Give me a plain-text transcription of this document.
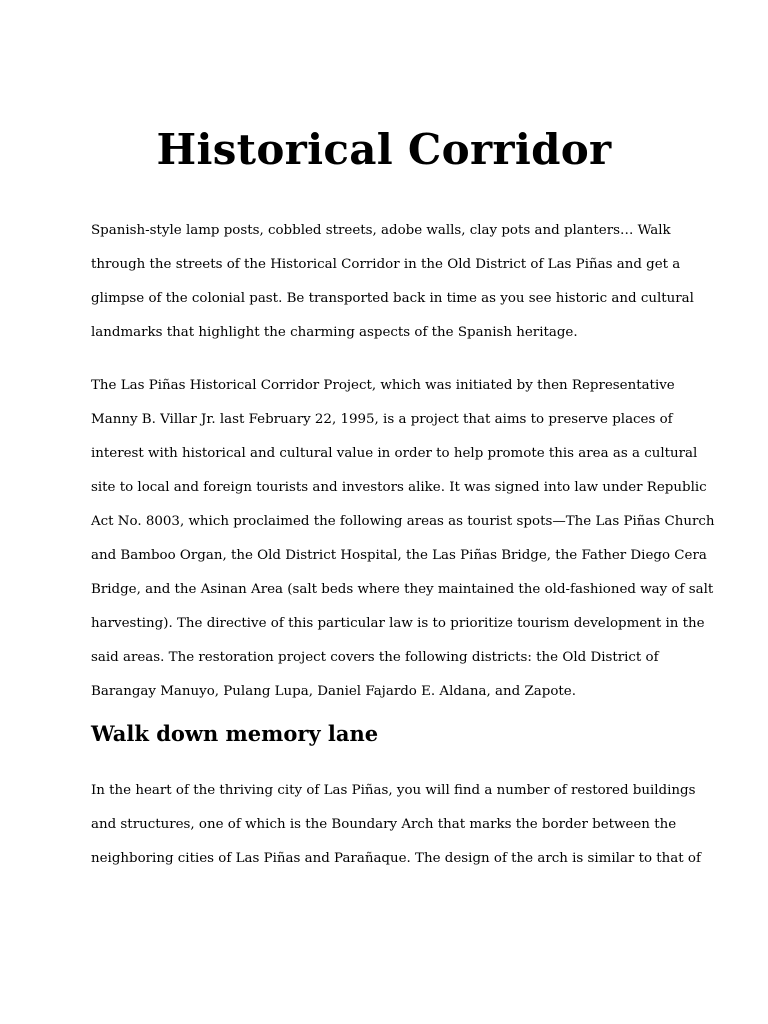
Historical Corridor

Spanish-style lamp posts, cobbled streets, adobe walls, clay pots and planters… Walk
through the streets of the Historical Corridor in the Old District of Las Piñas and get a
glimpse of the colonial past. Be transported back in time as you see historic and cultural
landmarks that highlight the charming aspects of the Spanish heritage.

The Las Piñas Historical Corridor Project, which was initiated by then Representative
Manny B. Villar Jr. last February 22, 1995, is a project that aims to preserve places of
interest with historical and cultural value in order to help promote this area as a cultural
site to local and foreign tourists and investors alike. It was signed into law under Republic
Act No. 8003, which proclaimed the following areas as tourist spots—The Las Piñas Church
and Bamboo Organ, the Old District Hospital, the Las Piñas Bridge, the Father Diego Cera
Bridge, and the Asinan Area (salt beds where they maintained the old-fashioned way of salt
harvesting). The directive of this particular law is to prioritize tourism development in the
said areas. The restoration project covers the following districts: the Old District of
Barangay Manuyo, Pulang Lupa, Daniel Fajardo E. Aldana, and Zapote.

Walk down memory lane

In the heart of the thriving city of Las Piñas, you will find a number of restored buildings
and structures, one of which is the Boundary Arch that marks the border between the
neighboring cities of Las Piñas and Parañaque. The design of the arch is similar to that of
